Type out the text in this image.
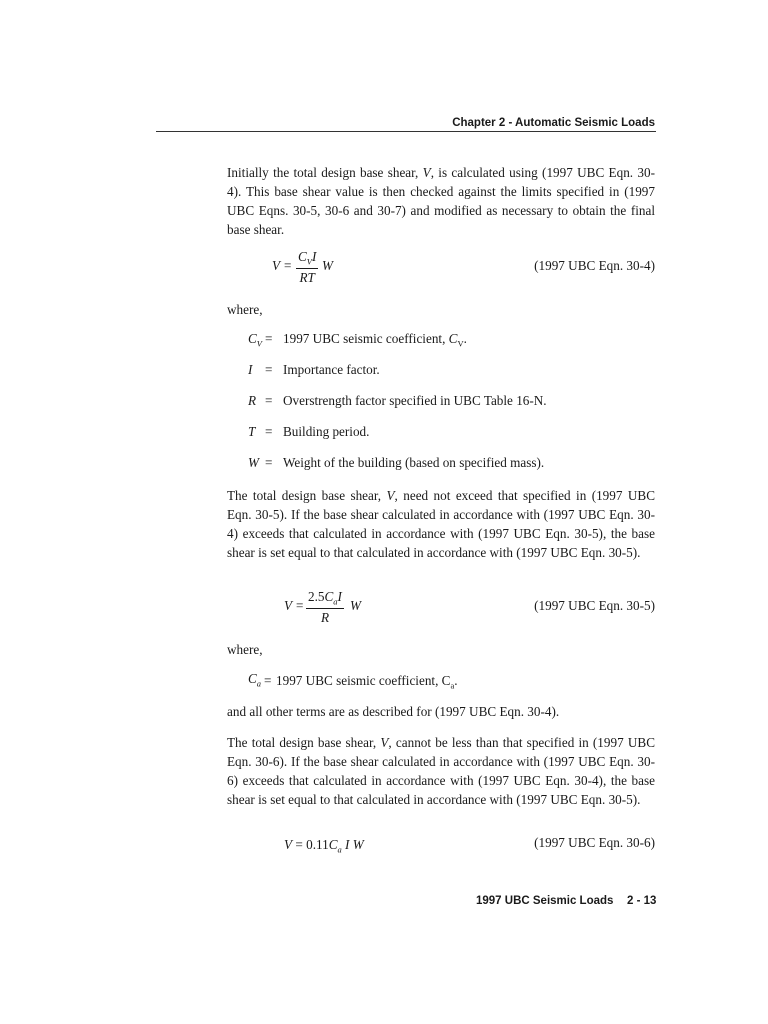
Chapter 2 - Automatic Seismic Loads

Initially the total design base shear, V, is calculated using (1997 UBC Eqn. 30-4). This base shear value is then checked against the limits specified in (1997 UBC Eqns. 30-5, 30-6 and 30-7) and modified as necessary to obtain the final base shear.

V =
$C_VI$
RT
W	(1997 UBC Eqn. 30-4)
where,
$C_V = 1997$ UBC seismic coefficient, $C_V$.
I = Importance factor.
R = Overstrength factor specified in UBC Table 16-N.
T = Building period.
W = Weight of the building (based on specified mass).

The total design base shear, V, need not exceed that specified in (1997 UBC Eqn. 30-5). If the base shear calculated in accordance with (1997 UBC Eqn. 30-4) exceeds that calculated in accordance with (1997 UBC Eqn. 30-5), the base shear is set equal to that calculated in accordance with (1997 UBC Eqn. 30-5).

V =
$2.5C_aI$
R
W	(1997 UBC Eqn. 30-5)
where,
$C_a = 1997$ UBC seismic coefficient, $C_a$.
and all other terms are as described for (1997 UBC Eqn. 30-4).

The total design base shear, V, cannot be less than that specified in (1997 UBC Eqn. 30-6). If the base shear calculated in accordance with (1997 UBC Eqn. 30-6) exceeds that calculated in accordance with (1997 UBC Eqn. 30-4), the base shear is set equal to that calculated in accordance with (1997 UBC Eqn. 30-5).

$V = 0.11C_a$ I W	(1997 UBC Eqn. 30-6)
1997 UBC Seismic Loads 2 - 13
